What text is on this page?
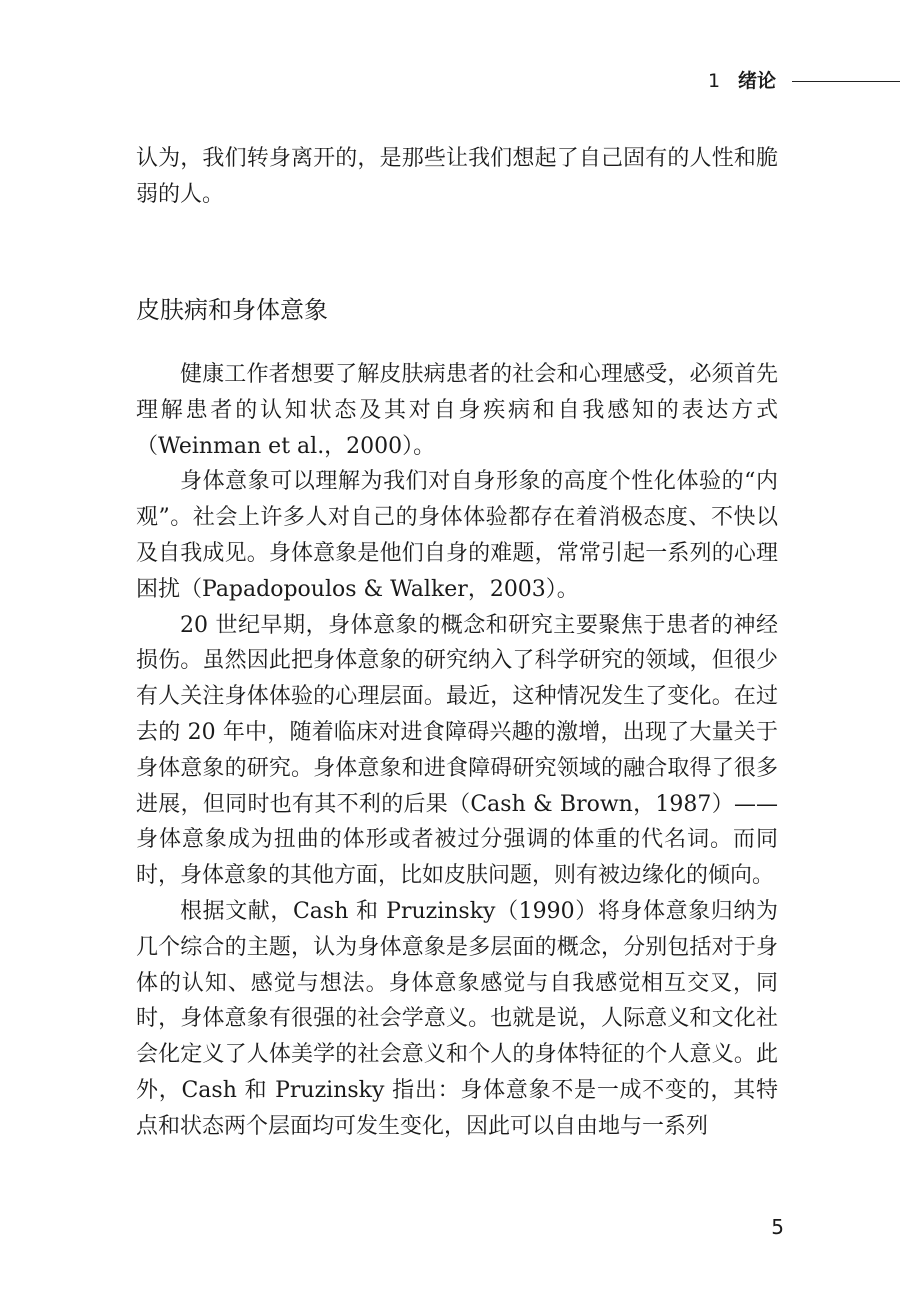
1 绪论

认为，我们转身离开的，是那些让我们想起了自己固有的人性和脆弱的人。

皮肤病和身体意象

健康工作者想要了解皮肤病患者的社会和心理感受，必须首先理解患者的认知状态及其对自身疾病和自我感知的表达方式（Weinman et al.，2000）。

身体意象可以理解为我们对自身形象的高度个性化体验的“内观”。社会上许多人对自己的身体体验都存在着消极态度、不快以及自我成见。身体意象是他们自身的难题，常常引起一系列的心理困扰（Papadopoulos & Walker，2003）。

20 世纪早期，身体意象的概念和研究主要聚焦于患者的神经损伤。虽然因此把身体意象的研究纳入了科学研究的领域，但很少有人关注身体体验的心理层面。最近，这种情况发生了变化。在过去的 20 年中，随着临床对进食障碍兴趣的激增，出现了大量关于身体意象的研究。身体意象和进食障碍研究领域的融合取得了很多进展，但同时也有其不利的后果（Cash & Brown，1987）——身体意象成为扭曲的体形或者被过分强调的体重的代名词。而同时，身体意象的其他方面，比如皮肤问题，则有被边缘化的倾向。

根据文献，Cash 和 Pruzinsky（1990）将身体意象归纳为几个综合的主题，认为身体意象是多层面的概念，分别包括对于身体的认知、感觉与想法。身体意象感觉与自我感觉相互交叉，同时，身体意象有很强的社会学意义。也就是说，人际意义和文化社会化定义了人体美学的社会意义和个人的身体特征的个人意义。此外，Cash 和 Pruzinsky 指出：身体意象不是一成不变的，其特点和状态两个层面均可发生变化，因此可以自由地与一系列

5
